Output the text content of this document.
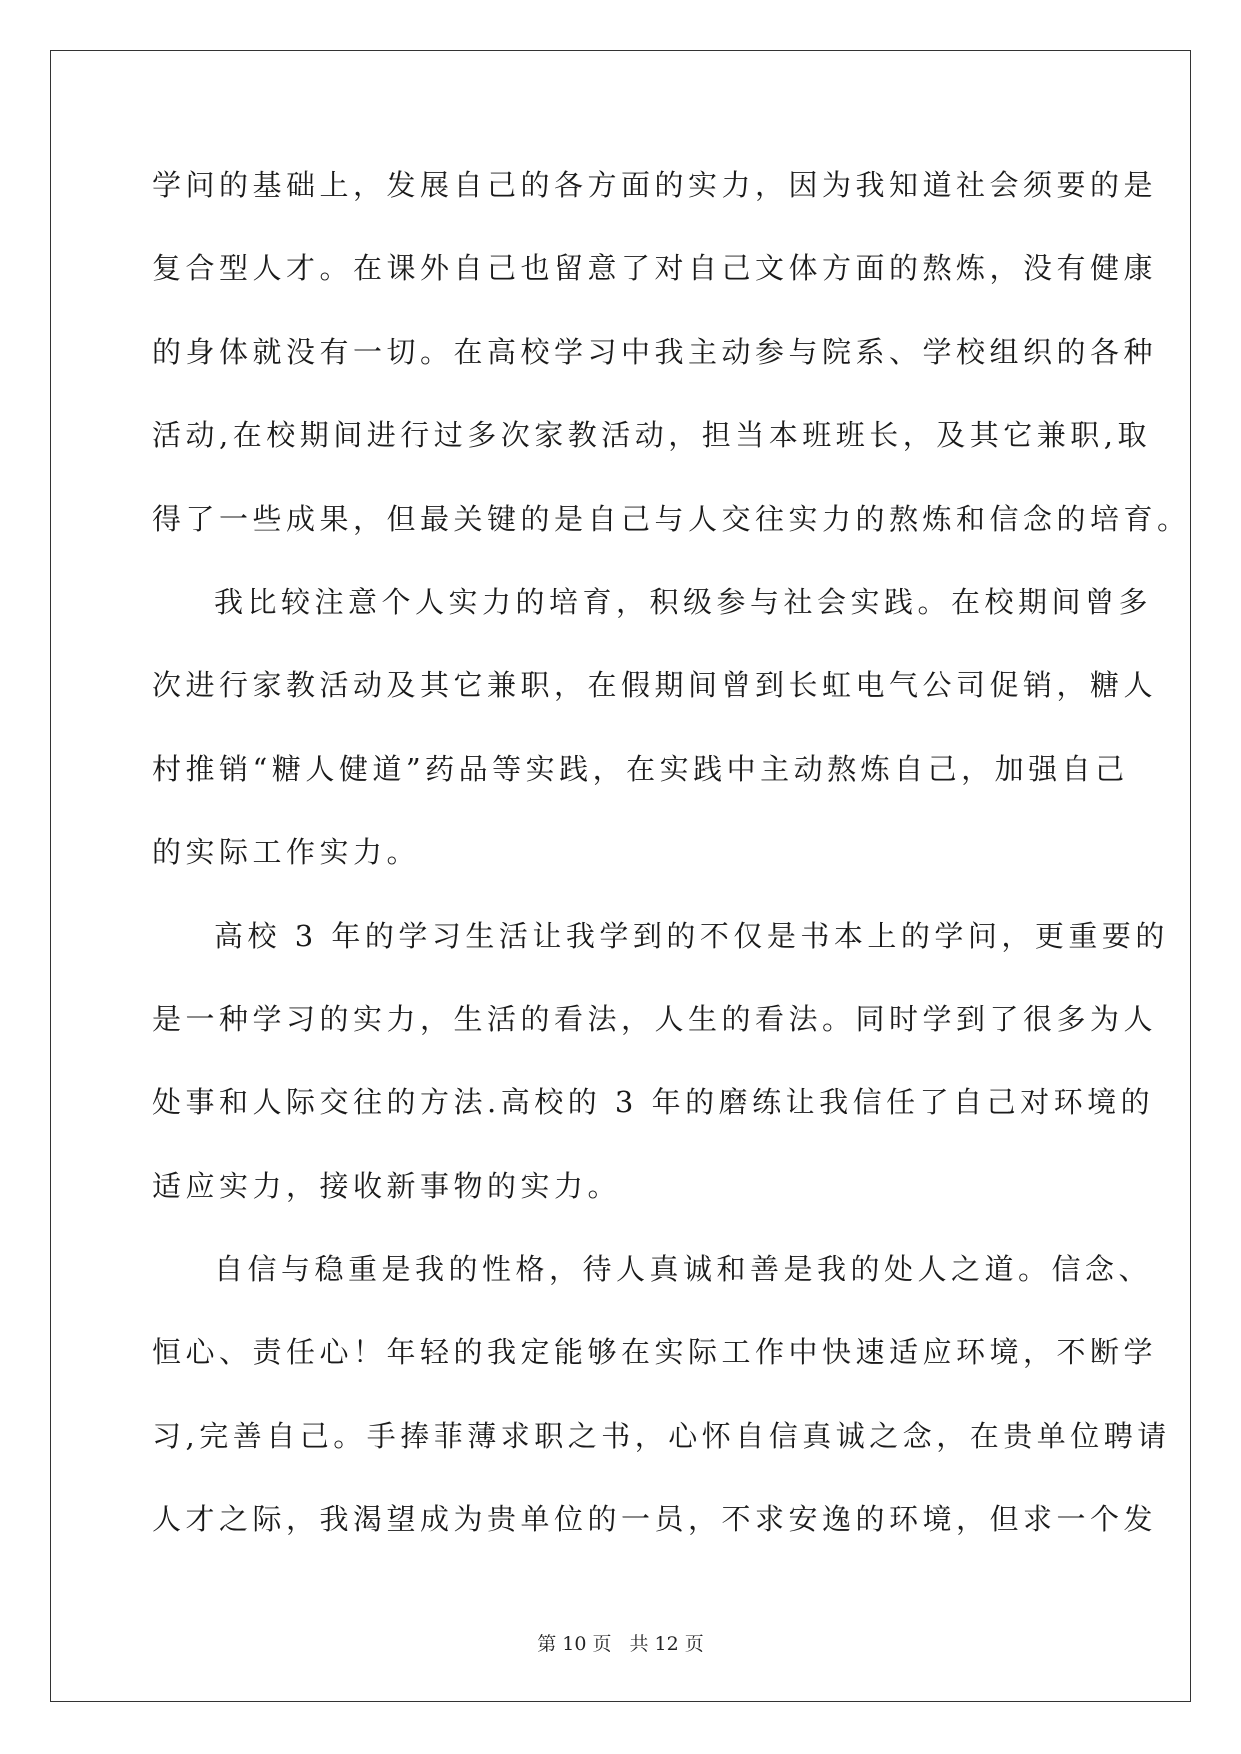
学问的基础上，发展自己的各方面的实力，因为我知道社会须要的是
复合型人才。在课外自己也留意了对自己文体方面的熬炼，没有健康
的身体就没有一切。在高校学习中我主动参与院系、学校组织的各种
活动,在校期间进行过多次家教活动，担当本班班长，及其它兼职,取
得了一些成果，但最关键的是自己与人交往实力的熬炼和信念的培育。
我比较注意个人实力的培育，积级参与社会实践。在校期间曾多
次进行家教活动及其它兼职，在假期间曾到长虹电气公司促销，糖人
村推销“糖人健道”药品等实践，在实践中主动熬炼自己，加强自己
的实际工作实力。
高校 3 年的学习生活让我学到的不仅是书本上的学问，更重要的
是一种学习的实力，生活的看法，人生的看法。同时学到了很多为人
处事和人际交往的方法.高校的 3 年的磨练让我信任了自己对环境的
适应实力，接收新事物的实力。
自信与稳重是我的性格，待人真诚和善是我的处人之道。信念、
恒心、责任心！年轻的我定能够在实际工作中快速适应环境，不断学
习,完善自己。手捧菲薄求职之书，心怀自信真诚之念，在贵单位聘请
人才之际，我渴望成为贵单位的一员，不求安逸的环境，但求一个发
第 10 页 共 12 页
